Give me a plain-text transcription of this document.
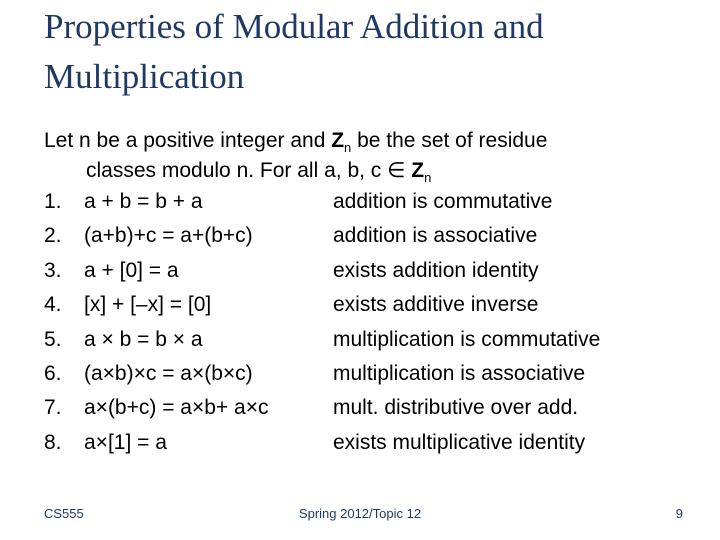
Properties of Modular Addition and
Multiplication
Let n be a positive integer and $Z_n$ be the set of residue
classes modulo n. For all a, b, c ∈ $Z_n$
1.	a + b = b + a	addition is commutative
2.	(a+b)+c = a+(b+c)	addition is associative
3.	a + [0] = a	exists addition identity
4.	[x] + [–x] = [0]	exists additive inverse
5.	a × b = b × a	multiplication is commutative
6.	(a×b)×c = a×(b×c)	multiplication is associative
7.	a×(b+c) = a×b+ a×c	mult. distributive over add.
8.	a×[1] = a	exists multiplicative identity
CS555	Spring 2012/Topic 12	9
